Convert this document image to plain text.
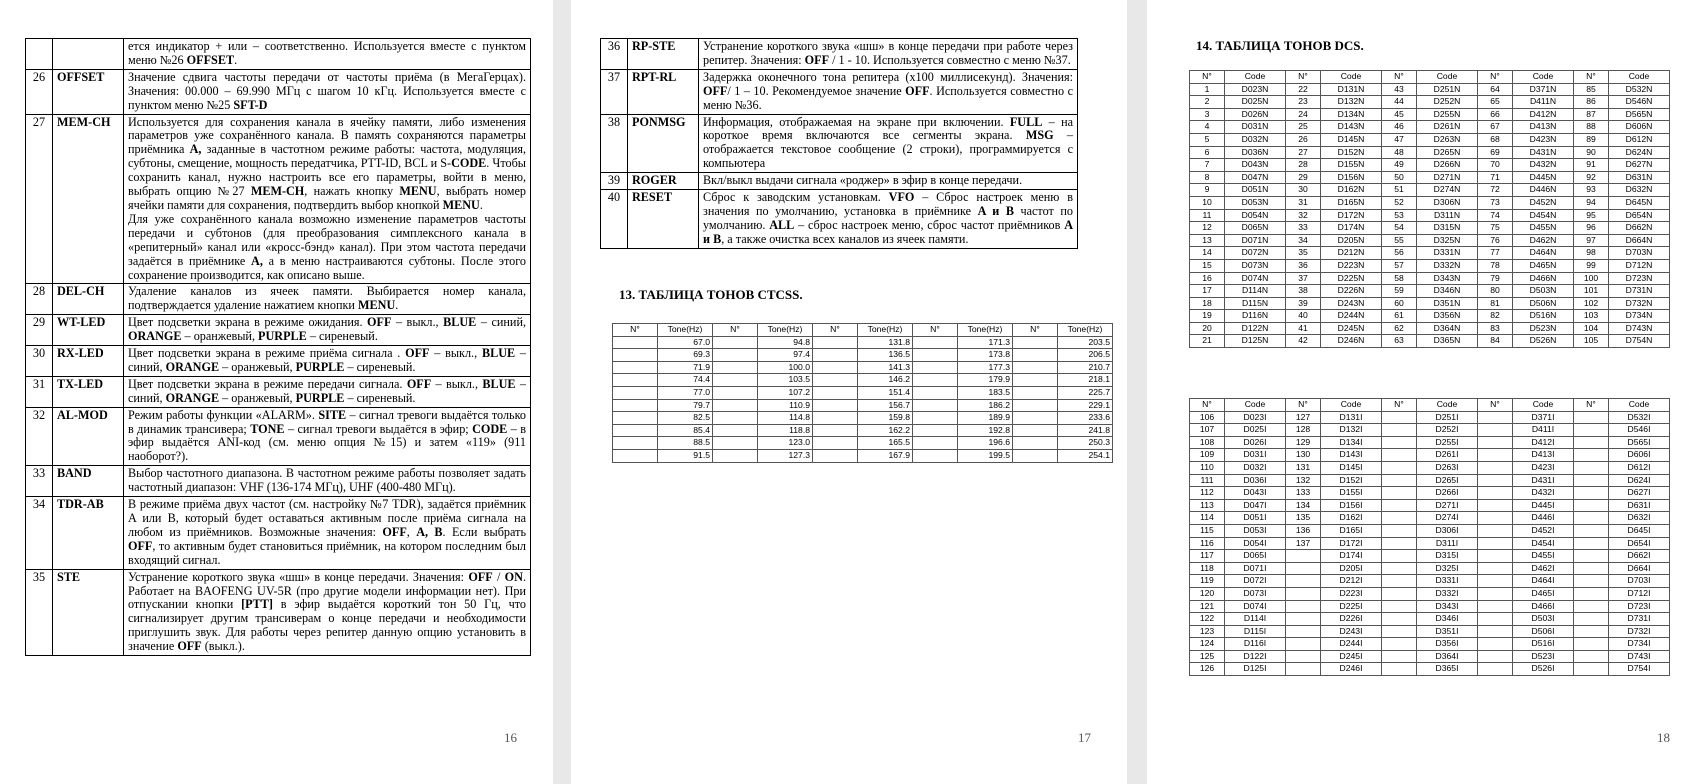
		ется индикатор + или – соответственно. Используется вместе с пунктом меню №26 OFFSET.

26	OFFSET	Значение сдвига частоты передачи от частоты приёма (в МегаГерцах). Значения: 00.000 – 69.990 МГц с шагом 10 кГц. Используется вместе с пунктом меню №25 SFT-D

27	MEM-CH	Используется для сохранения канала в ячейку памяти, либо изменения параметров уже сохранённого канала. В память сохраняются параметры приёмника A, заданные в частотном режиме работы: частота, модуляция, субтоны, смещение, мощность передатчика, PTT-ID, BCL и S-CODE. Чтобы сохранить канал, нужно настроить все его параметры, войти в меню, выбрать опцию №27 MEM-CH, нажать кнопку MENU, выбрать номер ячейки памяти для сохранения, подтвердить выбор кнопкой MENU.
Для уже сохранённого канала возможно изменение параметров частоты передачи и субтонов (для преобразования симплексного канала в «репитерный» канал или «кросс-бэнд» канал). При этом частота передачи задаётся в приёмнике A, а в меню настраиваются субтоны. После этого сохранение производится, как описано выше.

28	DEL-CH	Удаление каналов из ячеек памяти. Выбирается номер канала, подтверждается удаление нажатием кнопки MENU.

29	WT-LED	Цвет подсветки экрана в режиме ожидания. OFF – выкл., BLUE – синий, ORANGE – оранжевый, PURPLE – сиреневый.

30	RX-LED	Цвет подсветки экрана в режиме приёма сигнала . OFF – выкл., BLUE – синий, ORANGE – оранжевый, PURPLE – сиреневый.

31	TX-LED	Цвет подсветки экрана в режиме передачи сигнала. OFF – выкл., BLUE – синий, ORANGE – оранжевый, PURPLE – сиреневый.

32	AL-MOD	Режим работы функции «ALARM». SITE – сигнал тревоги выдаётся только в динамик трансивера; TONE – сигнал тревоги выдаётся в эфир; CODE – в эфир выдаётся ANI-код (см. меню опция №15) и затем «119» (911 наоборот?).

33	BAND	Выбор частотного диапазона. В частотном режиме работы позволяет задать частотный диапазон: VHF (136-174 МГц), UHF (400-480 МГц).

34	TDR-AB	В режиме приёма двух частот (см. настройку №7 TDR), задаётся приёмник A или B, который будет оставаться активным после приёма сигнала на любом из приёмников. Возможные значения: OFF, A, B. Если выбрать OFF, то активным будет становиться приёмник, на котором последним был входящий сигнал.

35	STE	Устранение короткого звука «шш» в конце передачи. Значения: OFF / ON. Работает на BAOFENG UV-5R (про другие модели информации нет). При отпускании кнопки [PTT] в эфир выдаётся короткий тон 50 Гц, что сигнализирует другим трансиверам о конце передачи и необходимости приглушить звук. Для работы через репитер данную опцию установить в значение OFF (выкл.).
16
36	RP-STE	Устранение короткого звука «шш» в конце передачи при работе через репитер. Значения: OFF / 1 - 10. Используется совместно с меню №37.

37	RPT-RL	Задержка оконечного тона репитера (x100 миллисекунд). Значения: OFF/ 1 – 10. Рекомендуемое значение OFF. Используется совместно с меню №36.

38	PONMSG	Информация, отображаемая на экране при включении. FULL – на короткое время включаются все сегменты экрана. MSG – отображается текстовое сообщение (2 строки), программируется с компьютера

39	ROGER	Вкл/выкл выдачи сигнала «роджер» в эфир в конце передачи.

40	RESET	Сброс к заводским установкам. VFO – Сброс настроек меню в значения по умолчанию, установка в приёмнике A и B частот по умолчанию. ALL – сброс настроек меню, сброс частот приёмников A и B, а также очистка всех каналов из ячеек памяти.
13. ТАБЛИЦА ТОНОВ CTCSS.
N°	Tone(Hz)	N°	Tone(Hz)	N°	Tone(Hz)	N°	Tone(Hz)	N°	Tone(Hz)
	67.0		94.8		131.8		171.3		203.5
	69.3		97.4		136.5		173.8		206.5
	71.9		100.0		141.3		177.3		210.7
	74.4		103.5		146.2		179.9		218.1
	77.0		107.2		151.4		183.5		225.7
	79.7		110.9		156.7		186.2		229.1
	82.5		114.8		159.8		189.9		233.6
	85.4		118.8		162.2		192.8		241.8
	88.5		123.0		165.5		196.6		250.3
	91.5		127.3		167.9		199.5		254.1
17
14. ТАБЛИЦА ТОНОВ DCS.
N°	Code	N°	Code	N°	Code	N°	Code	N°	Code
1	D023N	22	D131N	43	D251N	64	D371N	85	D532N
2	D025N	23	D132N	44	D252N	65	D411N	86	D546N
3	D026N	24	D134N	45	D255N	66	D412N	87	D565N
4	D031N	25	D143N	46	D261N	67	D413N	88	D606N
5	D032N	26	D145N	47	D263N	68	D423N	89	D612N
6	D036N	27	D152N	48	D265N	69	D431N	90	D624N
7	D043N	28	D155N	49	D266N	70	D432N	91	D627N
8	D047N	29	D156N	50	D271N	71	D445N	92	D631N
9	D051N	30	D162N	51	D274N	72	D446N	93	D632N
10	D053N	31	D165N	52	D306N	73	D452N	94	D645N
11	D054N	32	D172N	53	D311N	74	D454N	95	D654N
12	D065N	33	D174N	54	D315N	75	D455N	96	D662N
13	D071N	34	D205N	55	D325N	76	D462N	97	D664N
14	D072N	35	D212N	56	D331N	77	D464N	98	D703N
15	D073N	36	D223N	57	D332N	78	D465N	99	D712N
16	D074N	37	D225N	58	D343N	79	D466N	100	D723N
17	D114N	38	D226N	59	D346N	80	D503N	101	D731N
18	D115N	39	D243N	60	D351N	81	D506N	102	D732N
19	D116N	40	D244N	61	D356N	82	D516N	103	D734N
20	D122N	41	D245N	62	D364N	83	D523N	104	D743N
21	D125N	42	D246N	63	D365N	84	D526N	105	D754N
N°	Code	N°	Code	N°	Code	N°	Code	N°	Code
106	D023I	127	D131I		D251I		D371I		D532I
107	D025I	128	D132I		D252I		D411I		D546I
108	D026I	129	D134I		D255I		D412I		D565I
109	D031I	130	D143I		D261I		D413I		D606I
110	D032I	131	D145I		D263I		D423I		D612I
111	D036I	132	D152I		D265I		D431I		D624I
112	D043I	133	D155I		D266I		D432I		D627I
113	D047I	134	D156I		D271I		D445I		D631I
114	D051I	135	D162I		D274I		D446I		D632I
115	D053I	136	D165I		D306I		D452I		D645I
116	D054I	137	D172I		D311I		D454I		D654I
117	D065I		D174I		D315I		D455I		D662I
118	D071I		D205I		D325I		D462I		D664I
119	D072I		D212I		D331I		D464I		D703I
120	D073I		D223I		D332I		D465I		D712I
121	D074I		D225I		D343I		D466I		D723I
122	D114I		D226I		D346I		D503I		D731I
123	D115I		D243I		D351I		D506I		D732I
124	D116I		D244I		D356I		D516I		D734I
125	D122I		D245I		D364I		D523I		D743I
126	D125I		D246I		D365I		D526I		D754I
18
